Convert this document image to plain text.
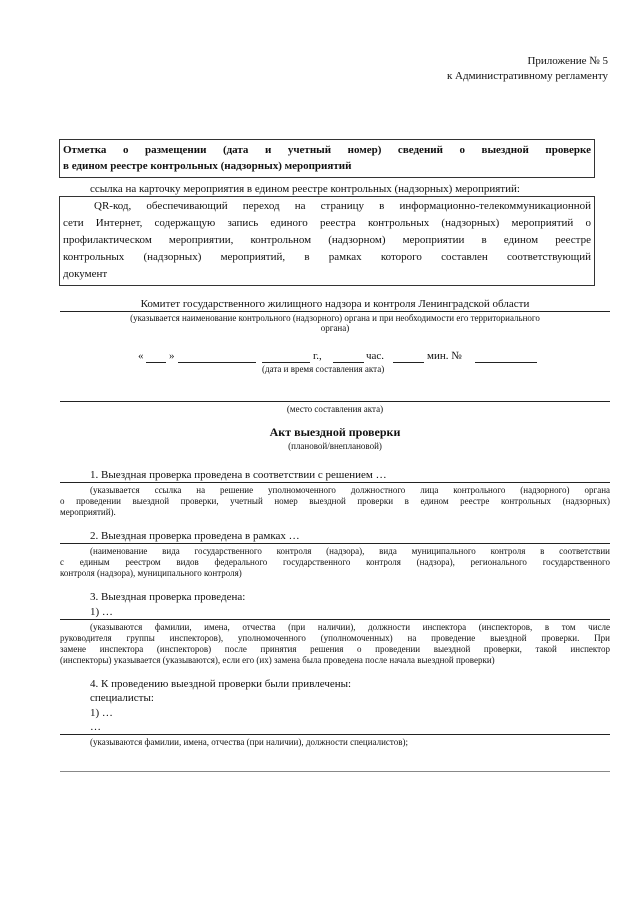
Приложение № 5
к Административному регламенту
Отметка о размещении (дата и учетный номер) сведений о выездной проверке
в едином реестре контрольных (надзорных) мероприятий
ссылка на карточку мероприятия в едином реестре контрольных (надзорных) мероприятий:
QR-код, обеспечивающий переход на страницу в информационно-телекоммуникационной
сети Интернет, содержащую запись единого реестра контрольных (надзорных) мероприятий о
профилактическом мероприятии, контрольном (надзорном) мероприятии в едином реестре
контрольных (надзорных) мероприятий, в рамках которого составлен соответствующий
документ
Комитет государственного жилищного надзора и контроля Ленинградской области
(указывается наименование контрольного (надзорного) органа и при необходимости его территориального
органа)
« »	г.,	час.	мин. №
(дата и время составления акта)
(место составления акта)
Акт выездной проверки
(плановой/внеплановой)
1. Выездная проверка проведена в соответствии с решением …
(указывается ссылка на решение уполномоченного должностного лица контрольного (надзорного) органа
о проведении выездной проверки, учетный номер выездной проверки в едином реестре контрольных (надзорных)
мероприятий).
2. Выездная проверка проведена в рамках …
(наименование вида государственного контроля (надзора), вида муниципального контроля в соответствии
с единым реестром видов федерального государственного контроля (надзора), регионального государственного
контроля (надзора), муниципального контроля)
3. Выездная проверка проведена:
1) …
(указываются фамилии, имена, отчества (при наличии), должности инспектора (инспекторов, в том числе
руководителя группы инспекторов), уполномоченного (уполномоченных) на проведение выездной проверки. При
замене инспектора (инспекторов) после принятия решения о проведении выездной проверки, такой инспектор
(инспекторы) указывается (указываются), если его (их) замена была проведена после начала выездной проверки)
4. К проведению выездной проверки были привлечены:
специалисты:
1) …
…
(указываются фамилии, имена, отчества (при наличии), должности специалистов);
